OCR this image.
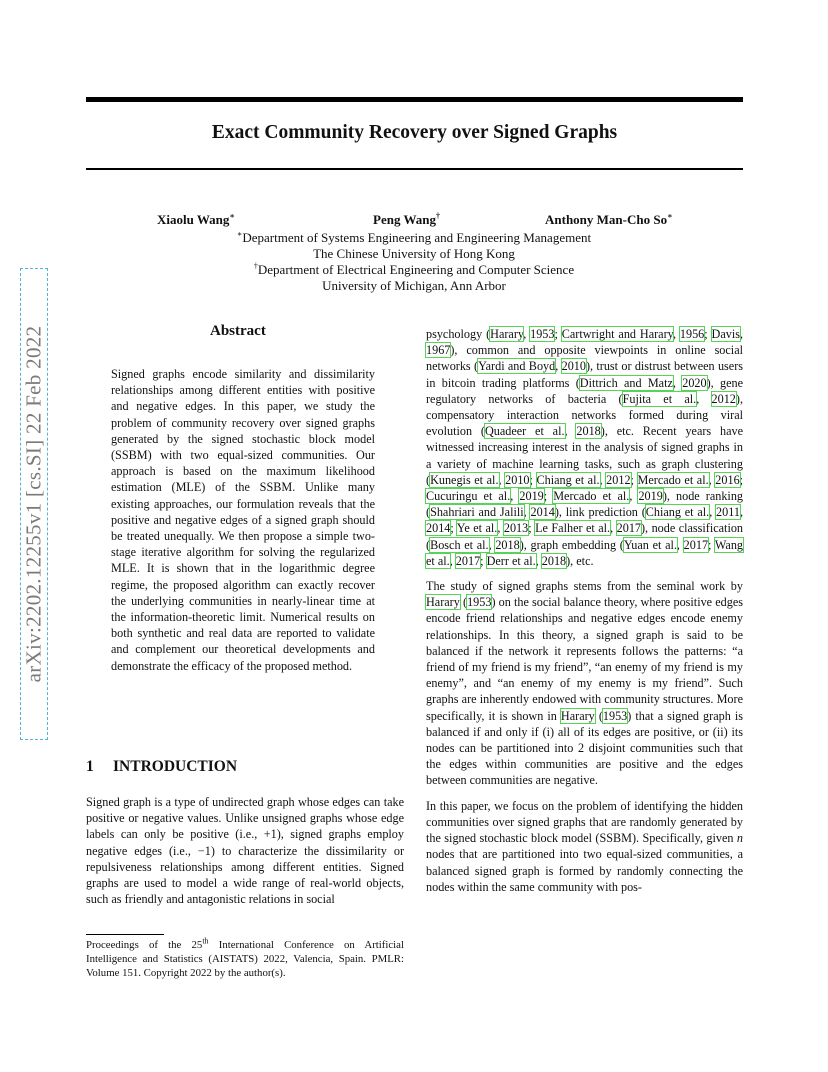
arXiv:2202.12255v1 [cs.SI] 22 Feb 2022
Exact Community Recovery over Signed Graphs
Xiaolu Wang∗	Peng Wang†	Anthony Man-Cho So∗
∗Department of Systems Engineering and Engineering Management
The Chinese University of Hong Kong
†Department of Electrical Engineering and Computer Science
University of Michigan, Ann Arbor
Abstract
Signed graphs encode similarity and dissimilarity relationships among different entities with positive and negative edges. In this paper, we study the problem of community recovery over signed graphs generated by the signed stochastic block model (SSBM) with two equal-sized communities. Our approach is based on the maximum likelihood estimation (MLE) of the SSBM. Unlike many existing approaches, our formulation reveals that the positive and negative edges of a signed graph should be treated unequally. We then propose a simple two-stage iterative algorithm for solving the regularized MLE. It is shown that in the logarithmic degree regime, the proposed algorithm can exactly recover the underlying communities in nearly-linear time at the information-theoretic limit. Numerical results on both synthetic and real data are reported to validate and complement our theoretical developments and demonstrate the efficacy of the proposed method.
1 INTRODUCTION
Signed graph is a type of undirected graph whose edges can take positive or negative values. Unlike unsigned graphs whose edge labels can only be positive (i.e., +1), signed graphs employ negative edges (i.e., −1) to characterize the dissimilarity or repulsiveness relationships among different entities. Signed graphs are used to model a wide range of real-world objects, such as friendly and antagonistic relations in social
Proceedings of the 25th International Conference on Artificial Intelligence and Statistics (AISTATS) 2022, Valencia, Spain. PMLR: Volume 151. Copyright 2022 by the author(s).

psychology (Harary, 1953; Cartwright and Harary, 1956; Davis, 1967), common and opposite viewpoints in online social networks (Yardi and Boyd, 2010), trust or distrust between users in bitcoin trading platforms (Dittrich and Matz, 2020), gene regulatory networks of bacteria (Fujita et al., 2012), compensatory interaction networks formed during viral evolution (Quadeer et al., 2018), etc. Recent years have witnessed increasing interest in the analysis of signed graphs in a variety of machine learning tasks, such as graph clustering (Kunegis et al., 2010; Chiang et al., 2012; Mercado et al., 2016; Cucuringu et al., 2019; Mercado et al., 2019), node ranking (Shahriari and Jalili, 2014), link prediction (Chiang et al., 2011, 2014; Ye et al., 2013; Le Falher et al., 2017), node classification (Bosch et al., 2018), graph embedding (Yuan et al., 2017; Wang et al., 2017; Derr et al., 2018), etc.

The study of signed graphs stems from the seminal work by Harary (1953) on the social balance theory, where positive edges encode friend relationships and negative edges encode enemy relationships. In this theory, a signed graph is said to be balanced if the network it represents follows the patterns: “a friend of my friend is my friend”, “an enemy of my friend is my enemy”, and “an enemy of my enemy is my friend”. Such graphs are inherently endowed with community structures. More specifically, it is shown in Harary (1953) that a signed graph is balanced if and only if (i) all of its edges are positive, or (ii) its nodes can be partitioned into 2 disjoint communities such that the edges within communities are positive and the edges between communities are negative.

In this paper, we focus on the problem of identifying the hidden communities over signed graphs that are randomly generated by the signed stochastic block model (SSBM). Specifically, given n nodes that are partitioned into two equal-sized communities, a balanced signed graph is formed by randomly connecting the nodes within the same community with pos-
